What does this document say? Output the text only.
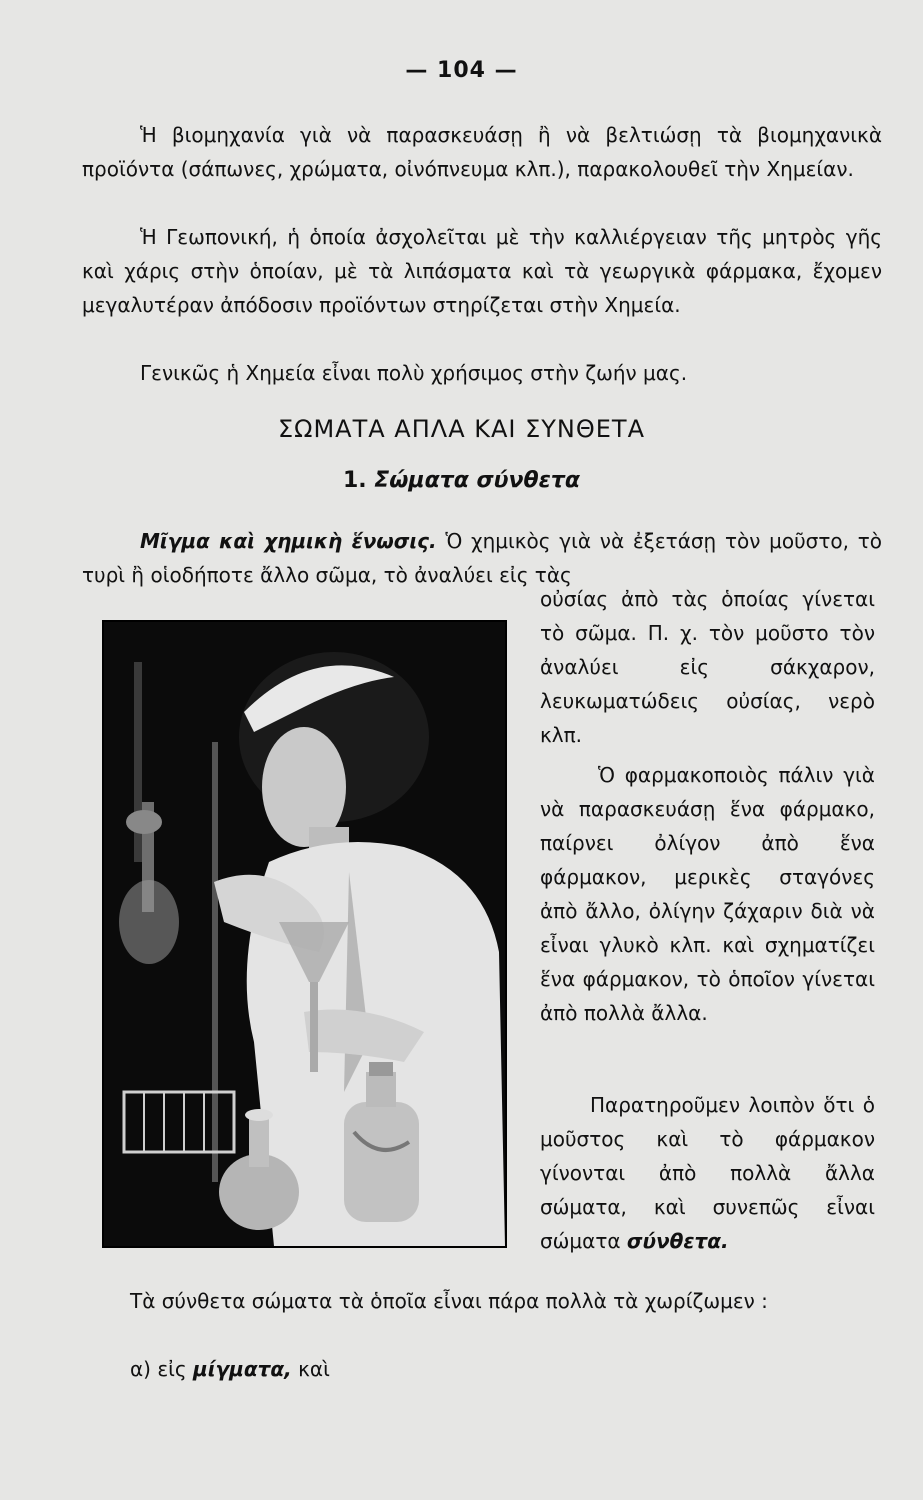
— 104 —

Ἡ βιομηχανία γιὰ νὰ παρασκευάσῃ ἢ νὰ βελτιώσῃ τὰ βιομηχανικὰ προϊόντα (σάπωνες, χρώματα, οἰνόπνευμα κλπ.), παρακολουθεῖ τὴν Χημείαν.

Ἡ Γεωπονική, ἡ ὁποία ἀσχολεῖται μὲ τὴν καλλιέργειαν τῆς μητρὸς γῆς καὶ χάρις στὴν ὁποίαν, μὲ τὰ λιπάσματα καὶ τὰ γεωργικὰ φάρμακα, ἔχομεν μεγαλυτέραν ἀπόδοσιν προϊόντων στηρίζεται στὴν Χημεία.

Γενικῶς ἡ Χημεία εἶναι πολὺ χρήσιμος στὴν ζωήν μας.

ΣΩΜΑΤΑ ΑΠΛΑ ΚΑΙ ΣΥΝΘΕΤΑ
1. Σώματα σύνθετα

Μῖγμα καὶ χημικὴ ἕνωσις. Ὁ χημικὸς γιὰ νὰ ἐξετάσῃ τὸν μοῦστο, τὸ τυρὶ ἢ οἱοδήποτε ἄλλο σῶμα, τὸ ἀναλύει εἰς τὰς

οὐσίας ἀπὸ τὰς ὁποίας γίνεται τὸ σῶμα. Π. χ. τὸν μοῦστο τὸν ἀναλύει εἰς σάκχαρον, λευκωματώδεις οὐσίας, νερὸ κλπ.

Ὁ φαρμακοποιὸς πάλιν γιὰ νὰ παρασκευάσῃ ἕνα φάρμακο, παίρνει ὀλίγον ἀπὸ ἕνα φάρμακον, μερικὲς σταγόνες ἀπὸ ἄλλο, ὀλίγην ζάχαριν διὰ νὰ εἶναι γλυκὸ κλπ. καὶ σχηματίζει ἕνα φάρμακον, τὸ ὁποῖον γίνεται ἀπὸ πολλὰ ἄλλα.

Παρατηροῦμεν λοιπὸν ὅτι ὁ μοῦστος καὶ τὸ φάρμακον γίνονται ἀπὸ πολλὰ ἄλλα σώματα, καὶ συνεπῶς εἶναι σώματα σύνθετα.

Τὰ σύνθετα σώματα τὰ ὁποῖα εἶναι πάρα πολλὰ τὰ χωρίζωμεν :

α) εἰς μίγματα, καὶ
